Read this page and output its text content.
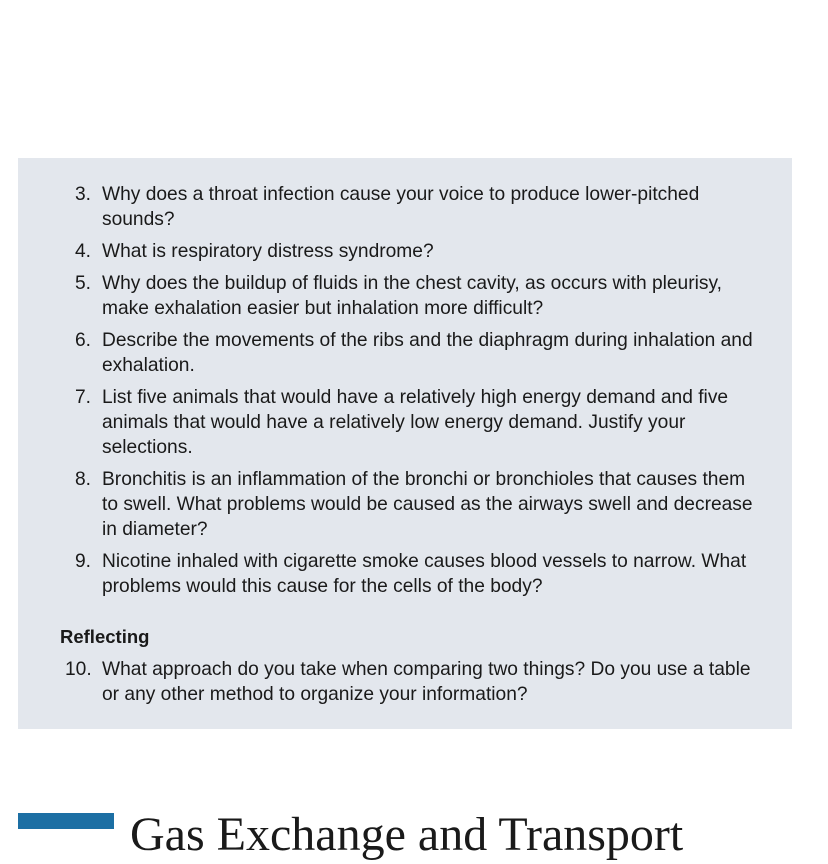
3. Why does a throat infection cause your voice to produce lower-pitched sounds?
4. What is respiratory distress syndrome?
5. Why does the buildup of fluids in the chest cavity, as occurs with pleurisy, make exhalation easier but inhalation more difficult?
6. Describe the movements of the ribs and the diaphragm during inhalation and exhalation.
7. List five animals that would have a relatively high energy demand and five animals that would have a relatively low energy demand. Justify your selections.
8. Bronchitis is an inflammation of the bronchi or bronchioles that causes them to swell. What problems would be caused as the airways swell and decrease in diameter?
9. Nicotine inhaled with cigarette smoke causes blood vessels to narrow. What problems would this cause for the cells of the body?
Reflecting
10. What approach do you take when comparing two things? Do you use a table or any other method to organize your information?
Gas Exchange and Transport
